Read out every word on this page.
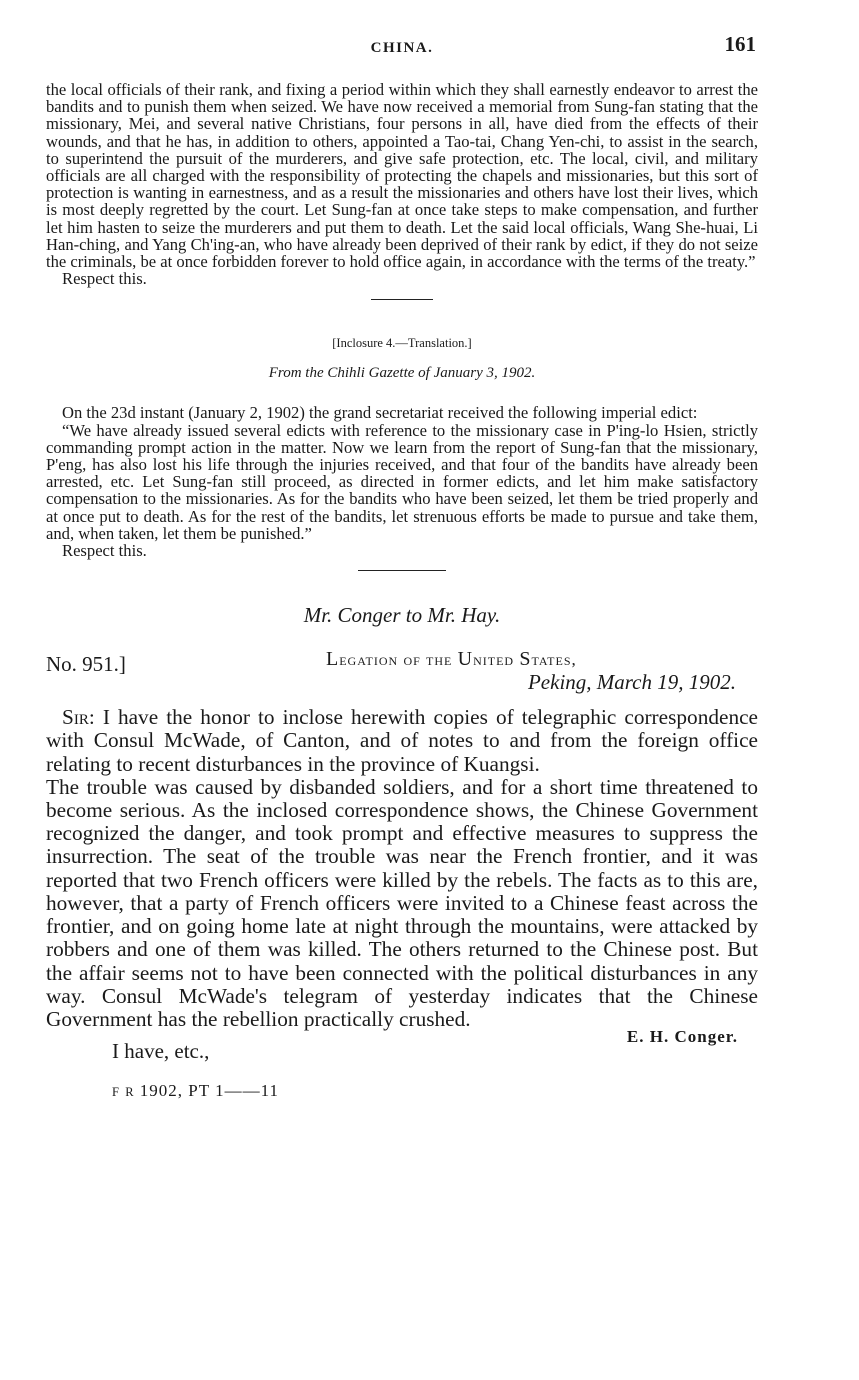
CHINA.	161

the local officials of their rank, and fixing a period within which they shall earnestly endeavor to arrest the bandits and to punish them when seized. We have now received a memorial from Sung-fan stating that the missionary, Mei, and several native Christians, four persons in all, have died from the effects of their wounds, and that he has, in addition to others, appointed a Tao-tai, Chang Yen-chi, to assist in the search, to superintend the pursuit of the murderers, and give safe protection, etc. The local, civil, and military officials are all charged with the responsibility of protecting the chapels and missionaries, but this sort of protection is wanting in earnestness, and as a result the missionaries and others have lost their lives, which is most deeply regretted by the court. Let Sung-fan at once take steps to make compensation, and further let him hasten to seize the murderers and put them to death. Let the said local officials, Wang She-huai, Li Han-ching, and Yang Ch'ing-an, who have already been deprived of their rank by edict, if they do not seize the criminals, be at once forbidden forever to hold office again, in accordance with the terms of the treaty.”

Respect this.

[Inclosure 4.—Translation.]

From the Chihli Gazette of January 3, 1902.

On the 23d instant (January 2, 1902) the grand secretariat received the following imperial edict:

“We have already issued several edicts with reference to the missionary case in P'ing-lo Hsien, strictly commanding prompt action in the matter. Now we learn from the report of Sung-fan that the missionary, P'eng, has also lost his life through the injuries received, and that four of the bandits have already been arrested, etc. Let Sung-fan still proceed, as directed in former edicts, and let him make satisfactory compensation to the missionaries. As for the bandits who have been seized, let them be tried properly and at once put to death. As for the rest of the bandits, let strenuous efforts be made to pursue and take them, and, when taken, let them be punished.”

Respect this.

Mr. Conger to Mr. Hay.

No. 951.]	Legation of the United States,
Peking, March 19, 1902.

Sir: I have the honor to inclose herewith copies of telegraphic correspondence with Consul McWade, of Canton, and of notes to and from the foreign office relating to recent disturbances in the province of Kuangsi.

The trouble was caused by disbanded soldiers, and for a short time threatened to become serious. As the inclosed correspondence shows, the Chinese Government recognized the danger, and took prompt and effective measures to suppress the insurrection. The seat of the trouble was near the French frontier, and it was reported that two French officers were killed by the rebels. The facts as to this are, however, that a party of French officers were invited to a Chinese feast across the frontier, and on going home late at night through the mountains, were attacked by robbers and one of them was killed. The others returned to the Chinese post. But the affair seems not to have been connected with the political disturbances in any way. Consul McWade's telegram of yesterday indicates that the Chinese Government has the rebellion practically crushed.

I have, etc.,
E. H. Conger.
F R 1902, PT 1——11
